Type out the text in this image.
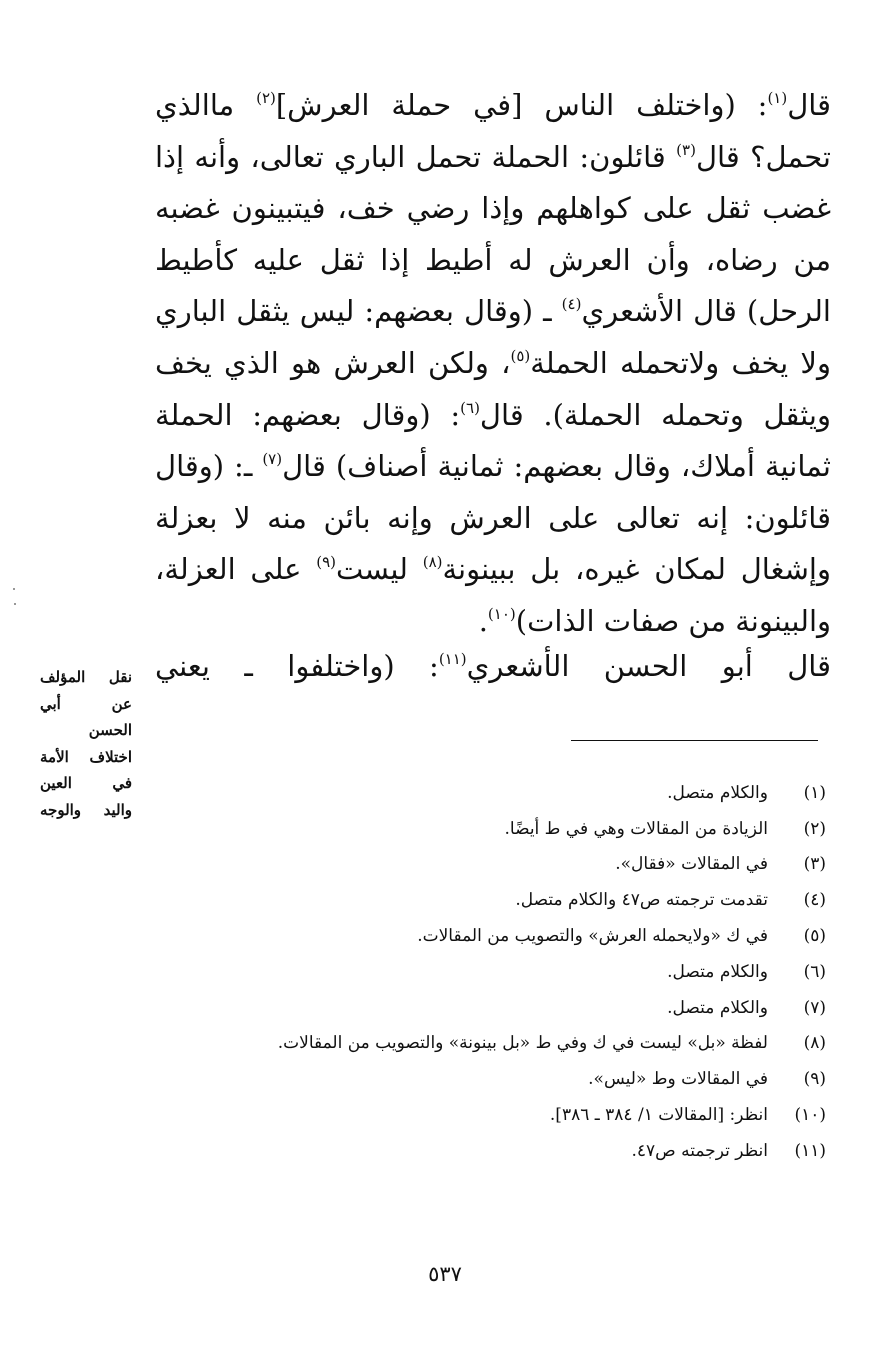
قال$^{(١)}$: (واختلف الناس [في حملة العرش]$^{(٢)}$ ماالذي تحمل؟ قال$^{(٣)}$ قائلون: الحملة تحمل الباري تعالى، وأنه إذا غضب ثقل على كواهلهم وإذا رضي خف، فيتبينون غضبه من رضاه، وأن العرش له أطيط إذا ثقل عليه كأطيط الرحل) قال الأشعري$^{(٤)}$ ـ (وقال بعضهم: ليس يثقل الباري ولا يخف ولاتحمله الحملة$^{(٥)}$، ولكن العرش هو الذي يخف ويثقل وتحمله الحملة). قال$^{(٦)}$: (وقال بعضهم: الحملة ثمانية أملاك، وقال بعضهم: ثمانية أصناف) قال$^{(٧)}$ ـ: (وقال قائلون: إنه تعالى على العرش وإنه بائن منه لا بعزلة وإشغال لمكان غيره، بل ببينونة$^{(٨)}$ ليست$^{(٩)}$ على العزلة، والبينونة من صفات الذات)$^{(١٠)}$.

قال أبو الحسن الأشعري$^{(١١)}$: (واختلفوا ـ يعني
نقل المؤلف
عن أبي
الحسن
اختلاف الأمة
في العين
واليد والوجه
(١)
والكلام متصل.
(٢)
الزيادة من المقالات وهي في ط أيضًا.
(٣)
في المقالات «فقال».
(٤)
تقدمت ترجمته ص٤٧ والكلام متصل.
(٥)
في ك «ولايحمله العرش» والتصويب من المقالات.
(٦)
والكلام متصل.
(٧)
والكلام متصل.
(٨)
لفظة «بل» ليست في ك وفي ط «بل بينونة» والتصويب من المقالات.
(٩)
في المقالات وط «ليس».
(١٠)
انظر: [المقالات ١/ ٣٨٤ ـ ٣٨٦].
(١١)
انظر ترجمته ص٤٧.
٥٣٧
